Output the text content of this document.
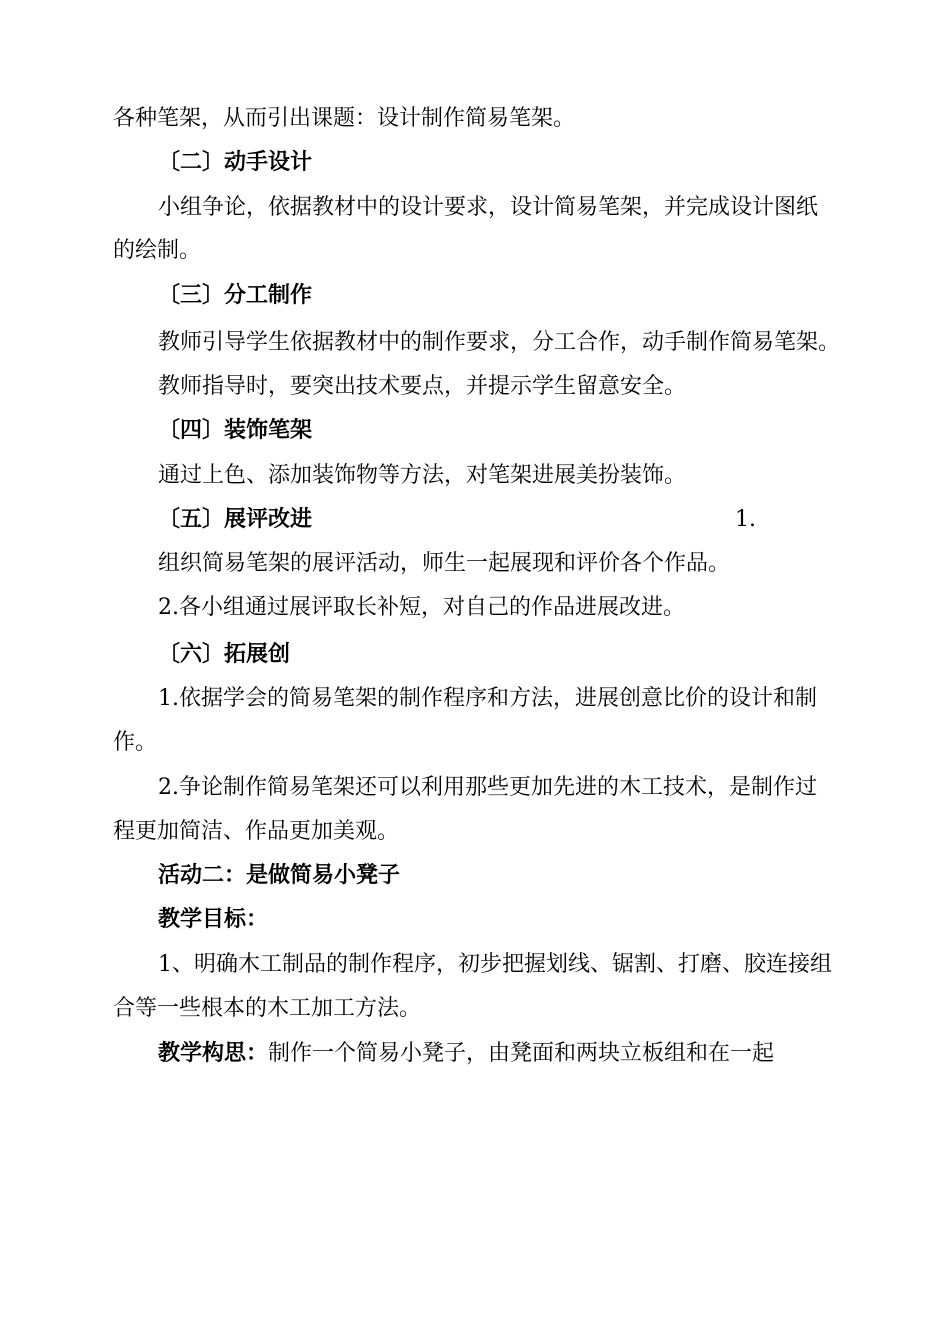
各种笔架，从而引出课题：设计制作简易笔架。
〔二〕动手设计
小组争论，依据教材中的设计要求，设计简易笔架，并完成设计图纸
的绘制。
〔三〕分工制作
教师引导学生依据教材中的制作要求，分工合作，动手制作简易笔架。
教师指导时，要突出技术要点，并提示学生留意安全。
〔四〕装饰笔架
通过上色、添加装饰物等方法，对笔架进展美扮装饰。
〔五〕展评改进	1.
组织简易笔架的展评活动，师生一起展现和评价各个作品。
2.各小组通过展评取长补短，对自己的作品进展改进。
〔六〕拓展创
1.依据学会的简易笔架的制作程序和方法，进展创意比价的设计和制
作。
2.争论制作简易笔架还可以利用那些更加先进的木工技术，是制作过
程更加简洁、作品更加美观。
活动二：是做简易小凳子
教学目标：
1、明确木工制品的制作程序，初步把握划线、锯割、打磨、胶连接组
合等一些根本的木工加工方法。
教学构思：制作一个简易小凳子，由凳面和两块立板组和在一起
